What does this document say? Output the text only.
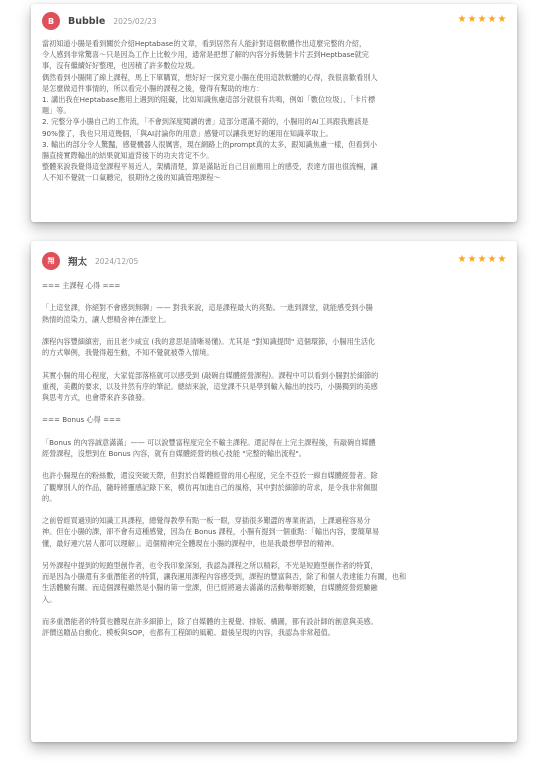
B	Bubble 2025/02/23	★ ★ ★ ★ ★
當初知道小腸是看到關於介紹Heptabase的文章，看到居然有人能針對這個軟體作出這麼完整的介紹，
令人感到非常驚喜～只是因為工作上比較少用，通常是把想了解的內容分拆幾個卡片丟到Heptbase就完
事，沒有繼續好好整理，也因積了許多數位垃圾。
偶然看到小腸開了線上課程，馬上下單購買，想好好一探究竟小腸在使用這款軟體的心得，我很喜歡看別人
是怎麼做這件事情的，所以看完小腸的課程之後，覺得有幫助的地方：
1. 講出我在Heptabase應用上遇到的阻礙，比如知識焦慮這部分就很有共鳴，例如「數位垃圾」、「卡片標
題」等。
2. 完整分享小腸自己的工作流，「不會到深度閱讀的書」這部分還滿不錯的，小腸用的AI工具跟我應該是
90%像了，我也只用這幾個，「與AI討論你的用意」感覺可以讓我更好的運用在知識萃取上。
3. 輸出的部分令人驚豔，感覺機器人很厲害，現在網路上的prompt真的太多，跟知識焦慮一樣，但看到小
腸直接實際輸出的結果就知道背後下的功夫肯定不少。
整體來說我覺得這堂課程平易近人，架構清楚，算是滿貼近自己目前應用上的感受，表達方面也很流暢，讓
人不知不覺就一口氣聽完，很期待之後的知識管理課程～
翔	翔太 2024/12/05	★ ★ ★ ★ ★
=== 主課程 心得 ===
「上這堂課，你絕對不會感到無聊」—— 對我來說，這是課程最大的亮點。一進到課堂，就能感受到小腸
熱情的渲染力，讓人想精舍神在課堂上。
課程內容豐細縝密，而且老少咸宜 (我的意思是清晰易懂)。尤其是 "對知識提問" 這個環節，小腸用生活化
的方式舉例，我覺得超生動，不知不覺就被帶入情境。
其實小腸的用心程度，大家從部落格就可以感受到 (敲碗自媒體經營課程)。課程中可以看到小腸對於細節的
重視，美觀的要求，以及井然有序的筆記。總結來說，這堂課不只是學到輸入輸出的技巧，小腸獨到的美感
與思考方式，也會帶來許多啟發。
=== Bonus 心得 ===
「Bonus 的內容誠意滿滿」—— 可以說豐富程度完全不輸主課程。還記得在上完主課程後，有敲碗自媒體
經營課程，沒想到在 Bonus 內容，就有自媒體經營的核心技能 "完整的輸出流程"。
也許小腸現在的粉絲數，還沒突破天際，但對於自媒體經營的用心程度，完全不亞於一線自媒體經營者。除
了觀摩別人的作品，隨時將靈感記錄下來，模仿再加進自己的風格，其中對於細節的苛求，是令我非常佩服
的。
之前曾經買過別的知識工具課程，總覺得教學有點一板一眼，穿插很多艱澀的專業術語，上課過程容易分
神。但在小腸的課，卻不會有這種感覺，因為在 Bonus 課程，小腸有提到一個重點：「輸出內容，要簡單易
懂，最好連穴居人都可以理解」。這個精神完全體現在小腸的課程中，也是我最想學習的精神。
另外課程中提到的短跑型創作者，也令我印象深刻，我認為課程之所以精彩，不光是短跑型創作者的特質，
而是因為小腸還有多重潛能者的特質，讓我運用課程內容感受到，課程的豐富與否，除了和個人表達能力有關，也和
生活體驗有關。而這個課程雖然是小腸的第一堂課，但已經將過去滿滿的活動舉辦經驗，自媒體經營經驗融
入。
而多重潛能者的特質也體現在許多細節上，除了自媒體的主視覺、排版、構圖，都有設計師的創意與美感。
評價送贈品自動化、模板與SOP，也都有工程師的風範。最後呈現的內容，我認為非常超值。
